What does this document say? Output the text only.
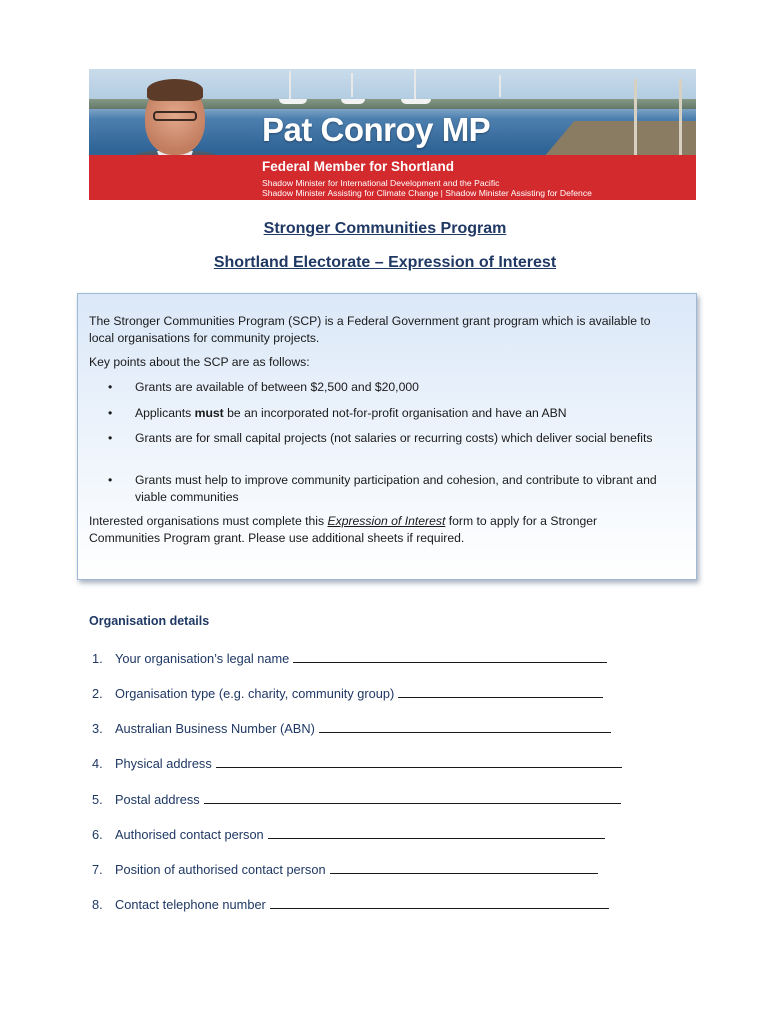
Pat Conroy MP
Federal Member for Shortland
Shadow Minister for International Development and the Pacific
Shadow Minister Assisting for Climate Change | Shadow Minister Assisting for Defence
Stronger Communities Program
Shortland Electorate – Expression of Interest

The Stronger Communities Program (SCP) is a Federal Government grant program which is available to local organisations for community projects.

Key points about the SCP are as follows:

• Grants are available of between $2,500 and $20,000
• Applicants must be an incorporated not-for-profit organisation and have an ABN
• Grants are for small capital projects (not salaries or recurring costs) which deliver social benefits
• Grants must help to improve community participation and cohesion, and contribute to vibrant and viable communities

Interested organisations must complete this Expression of Interest form to apply for a Stronger Communities Program grant. Please use additional sheets if required.

Organisation details
1. Your organisation’s legal name
2. Organisation type (e.g. charity, community group)
3. Australian Business Number (ABN)
4. Physical address
5. Postal address
6. Authorised contact person
7. Position of authorised contact person
8. Contact telephone number
